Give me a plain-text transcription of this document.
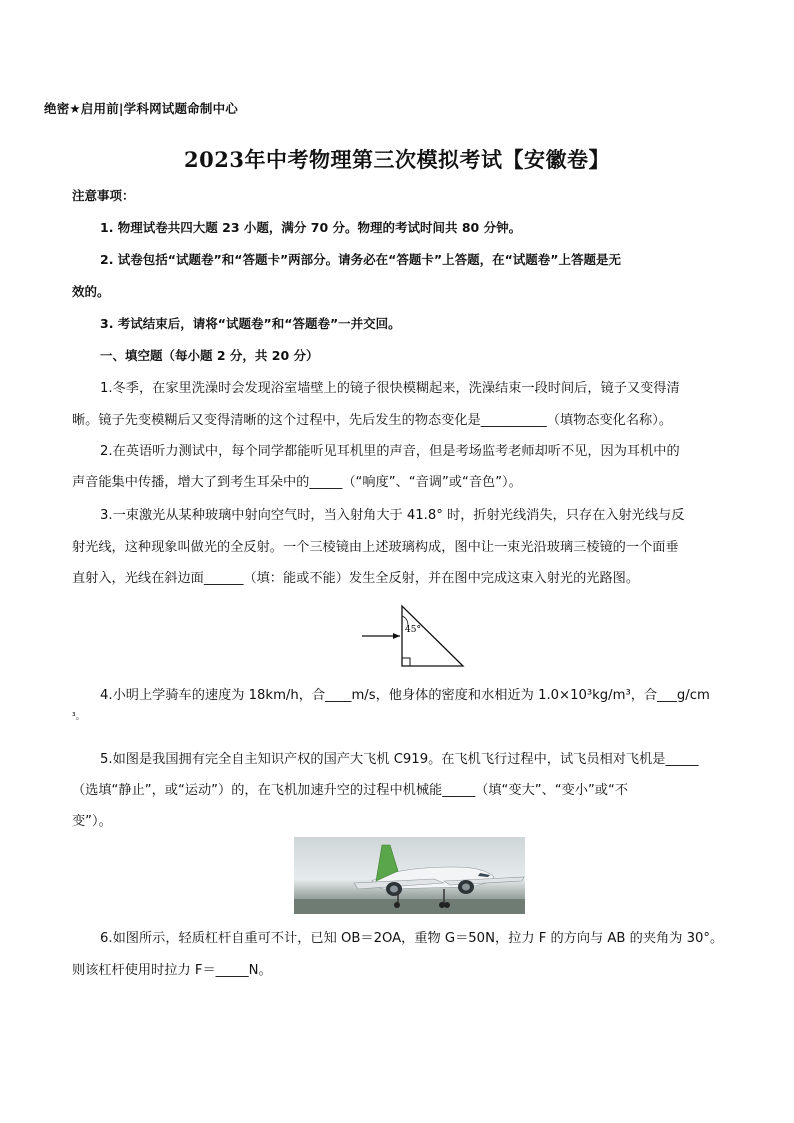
绝密★启用前|学科网试题命制中心
2023年中考物理第三次模拟考试【安徽卷】
注意事项：
1. 物理试卷共四大题 23 小题，满分 70 分。物理的考试时间共 80 分钟。
2. 试卷包括“试题卷”和“答题卡”两部分。请务必在“答题卡”上答题，在“试题卷”上答题是无
效的。
3. 考试结束后，请将“试题卷”和“答题卷”一并交回。
一、填空题（每小题 2 分，共 20 分）
1.冬季，在家里洗澡时会发现浴室墙壁上的镜子很快模糊起来，洗澡结束一段时间后，镜子又变得清
晰。镜子先变模糊后又变得清晰的这个过程中，先后发生的物态变化是__________（填物态变化名称）。
2.在英语听力测试中，每个同学都能听见耳机里的声音，但是考场监考老师却听不见，因为耳机中的
声音能集中传播，增大了到考生耳朵中的_____（“响度”、“音调”或“音色”）。
3.一束激光从某种玻璃中射向空气时，当入射角大于 41.8° 时，折射光线消失，只存在入射光线与反
射光线，这种现象叫做光的全反射。一个三棱镜由上述玻璃构成，图中让一束光沿玻璃三棱镜的一个面垂
直射入，光线在斜边面______（填：能或不能）发生全反射，并在图中完成这束入射光的光路图。
45°
4.小明上学骑车的速度为 18km/h，合____m/s，他身体的密度和水相近为 1.0×10³kg/m³，合___g/cm
³。
5.如图是我国拥有完全自主知识产权的国产大飞机 C919。在飞机飞行过程中，试飞员相对飞机是_____
（选填“静止”，或“运动”）的，在飞机加速升空的过程中机械能_____（填“变大”、“变小”或“不
变”）。
6.如图所示，轻质杠杆自重可不计，已知 OB＝2OA，重物 G＝50N，拉力 F 的方向与 AB 的夹角为 30°。
则该杠杆使用时拉力 F＝_____N。
